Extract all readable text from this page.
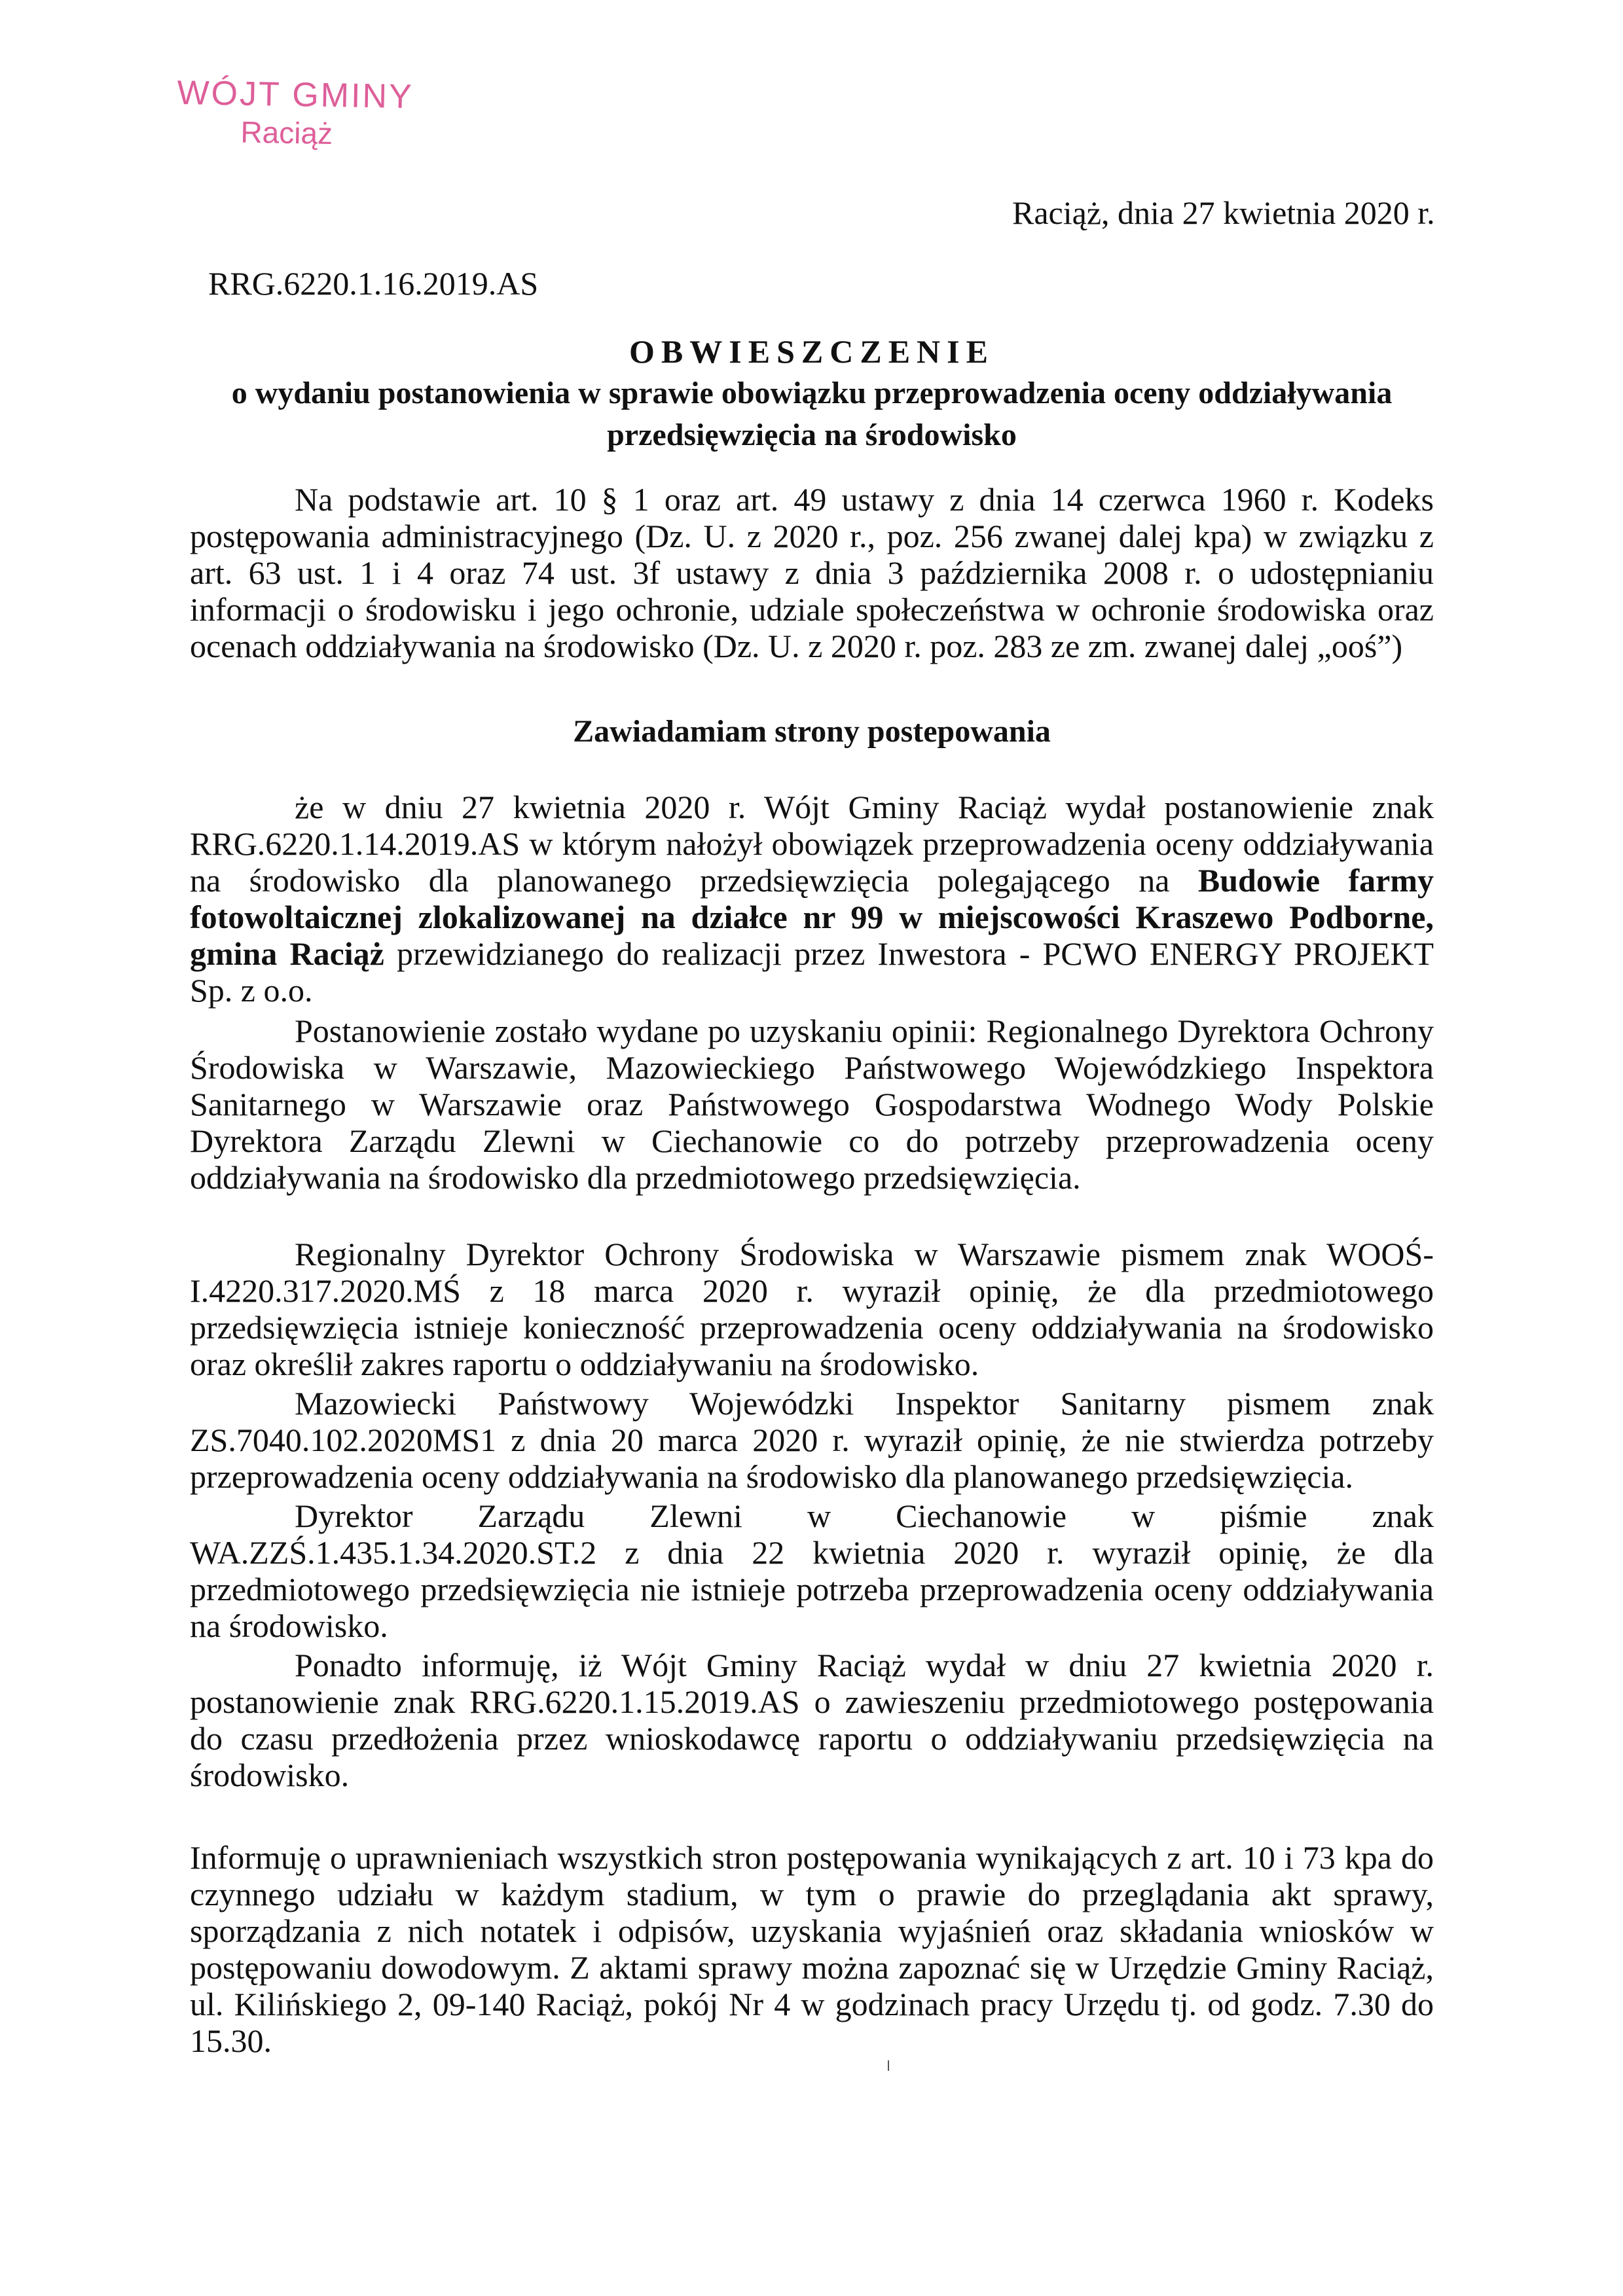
WÓJT GMINY
Raciąż
Raciąż, dnia 27 kwietnia 2020 r.
RRG.6220.1.16.2019.AS
OBWIESZCZENIE
o wydaniu postanowienia w sprawie obowiązku przeprowadzenia oceny oddziaływania
przedsięwzięcia na środowisko

Na podstawie art. 10 § 1 oraz art. 49 ustawy z dnia 14 czerwca 1960 r. Kodeks postępowania administracyjnego (Dz. U. z 2020 r., poz. 256 zwanej dalej kpa) w związku z art. 63 ust. 1 i 4 oraz 74 ust. 3f ustawy z dnia 3 października 2008 r. o udostępnianiu informacji o środowisku i jego ochronie, udziale społeczeństwa w ochronie środowiska oraz ocenach oddziaływania na środowisko (Dz. U. z 2020 r. poz. 283 ze zm. zwanej dalej „ooś”)

Zawiadamiam strony postepowania

że w dniu 27 kwietnia 2020 r. Wójt Gminy Raciąż wydał postanowienie znak RRG.6220.1.14.2019.AS w którym nałożył obowiązek przeprowadzenia oceny oddziaływania na środowisko dla planowanego przedsięwzięcia polegającego na Budowie farmy fotowoltaicznej zlokalizowanej na działce nr 99 w miejscowości Kraszewo Podborne, gmina Raciąż przewidzianego do realizacji przez Inwestora - PCWO ENERGY PROJEKT Sp. z o.o.

Postanowienie zostało wydane po uzyskaniu opinii: Regionalnego Dyrektora Ochrony Środowiska w Warszawie, Mazowieckiego Państwowego Wojewódzkiego Inspektora Sanitarnego w Warszawie oraz Państwowego Gospodarstwa Wodnego Wody Polskie Dyrektora Zarządu Zlewni w Ciechanowie co do potrzeby przeprowadzenia oceny oddziaływania na środowisko dla przedmiotowego przedsięwzięcia.

Regionalny Dyrektor Ochrony Środowiska w Warszawie pismem znak WOOŚ-I.4220.317.2020.MŚ z 18 marca 2020 r. wyraził opinię, że dla przedmiotowego przedsięwzięcia istnieje konieczność przeprowadzenia oceny oddziaływania na środowisko oraz określił zakres raportu o oddziaływaniu na środowisko.

Mazowiecki Państwowy Wojewódzki Inspektor Sanitarny pismem znak ZS.7040.102.2020MS1 z dnia 20 marca 2020 r. wyraził opinię, że nie stwierdza potrzeby przeprowadzenia oceny oddziaływania na środowisko dla planowanego przedsięwzięcia.

Dyrektor Zarządu Zlewni w Ciechanowie w piśmie znak WA.ZZŚ.1.435.1.34.2020.ST.2 z dnia 22 kwietnia 2020 r. wyraził opinię, że dla przedmiotowego przedsięwzięcia nie istnieje potrzeba przeprowadzenia oceny oddziaływania na środowisko.

Ponadto informuję, iż Wójt Gminy Raciąż wydał w dniu 27 kwietnia 2020 r. postanowienie znak RRG.6220.1.15.2019.AS o zawieszeniu przedmiotowego postępowania do czasu przedłożenia przez wnioskodawcę raportu o oddziaływaniu przedsięwzięcia na środowisko.

Informuję o uprawnieniach wszystkich stron postępowania wynikających z art. 10 i 73 kpa do czynnego udziału w każdym stadium, w tym o prawie do przeglądania akt sprawy, sporządzania z nich notatek i odpisów, uzyskania wyjaśnień oraz składania wniosków w postępowaniu dowodowym. Z aktami sprawy można zapoznać się w Urzędzie Gminy Raciąż, ul. Kilińskiego 2, 09-140 Raciąż, pokój Nr 4 w godzinach pracy Urzędu tj. od godz. 7.30 do 15.30.
